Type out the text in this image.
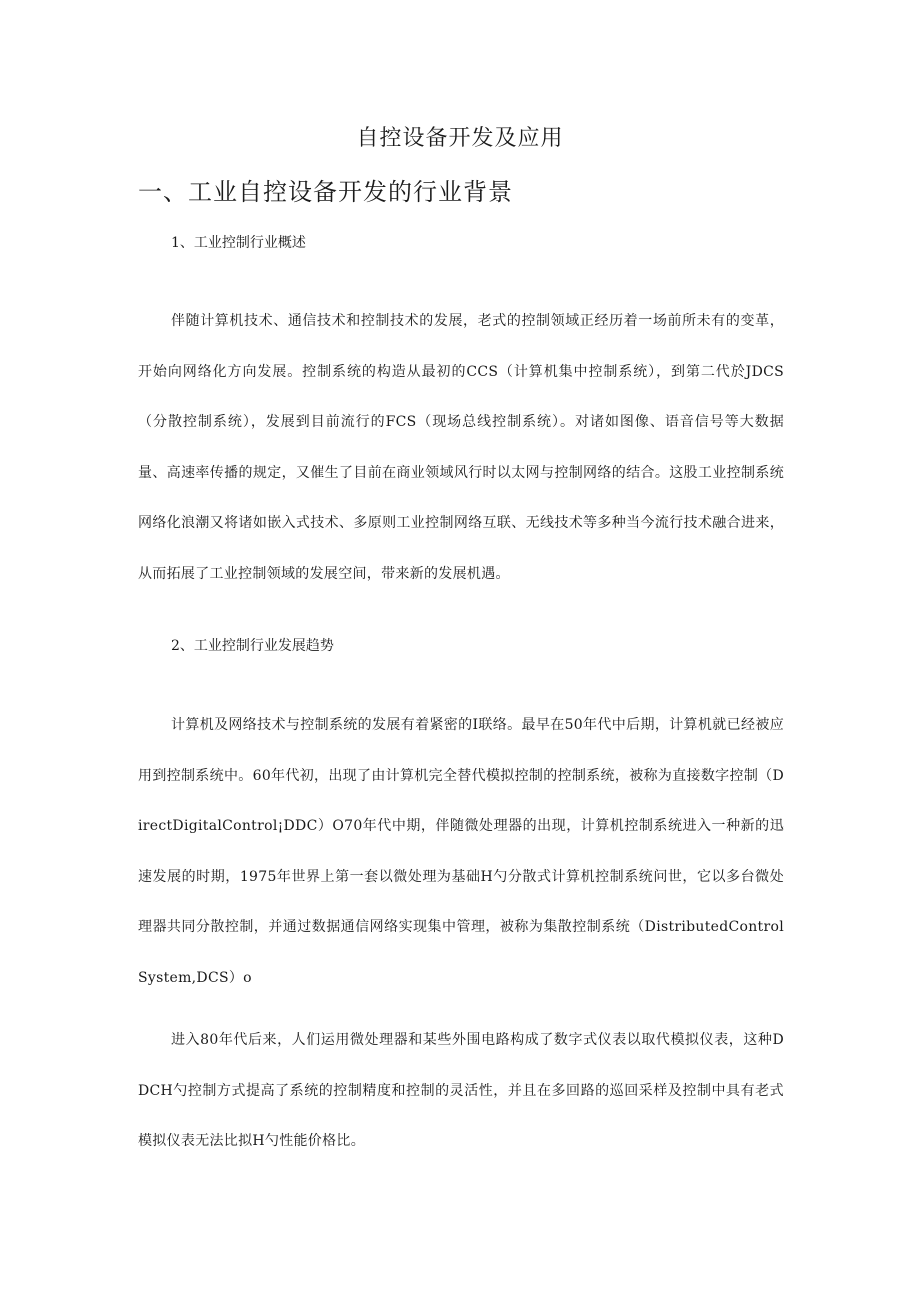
自控设备开发及应用
一、工业自控设备开发的行业背景
1、工业控制行业概述
伴随计算机技术、通信技术和控制技术的发展，老式的控制领域正经历着一场前所未有的变革，开始向网络化方向发展。控制系统的构造从最初的CCS（计算机集中控制系统），到第二代於JDCS（分散控制系统），发展到目前流行的FCS（现场总线控制系统）。对诸如图像、语音信号等大数据量、高速率传播的规定，又催生了目前在商业领域风行时以太网与控制网络的结合。这股工业控制系统网络化浪潮又将诸如嵌入式技术、多原则工业控制网络互联、无线技术等多种当今流行技术融合进来，从而拓展了工业控制领域的发展空间，带来新的发展机遇。
2、工业控制行业发展趋势
计算机及网络技术与控制系统的发展有着紧密的I联络。最早在50年代中后期，计算机就已经被应用到控制系统中。60年代初，出现了由计算机完全替代模拟控制的控制系统，被称为直接数字控制（DirectDigitalControl¡DDC）O70年代中期，伴随微处理器的出现，计算机控制系统进入一种新的迅速发展的时期，1975年世界上第一套以微处理为基础H勺分散式计算机控制系统问世，它以多台微处理器共同分散控制，并通过数据通信网络实现集中管理，被称为集散控制系统（DistributedControlSystem,DCS）o
进入80年代后来，人们运用微处理器和某些外围电路构成了数字式仪表以取代模拟仪表，这种DDCH勺控制方式提高了系统的控制精度和控制的灵活性，并且在多回路的巡回采样及控制中具有老式模拟仪表无法比拟H勺性能价格比。
